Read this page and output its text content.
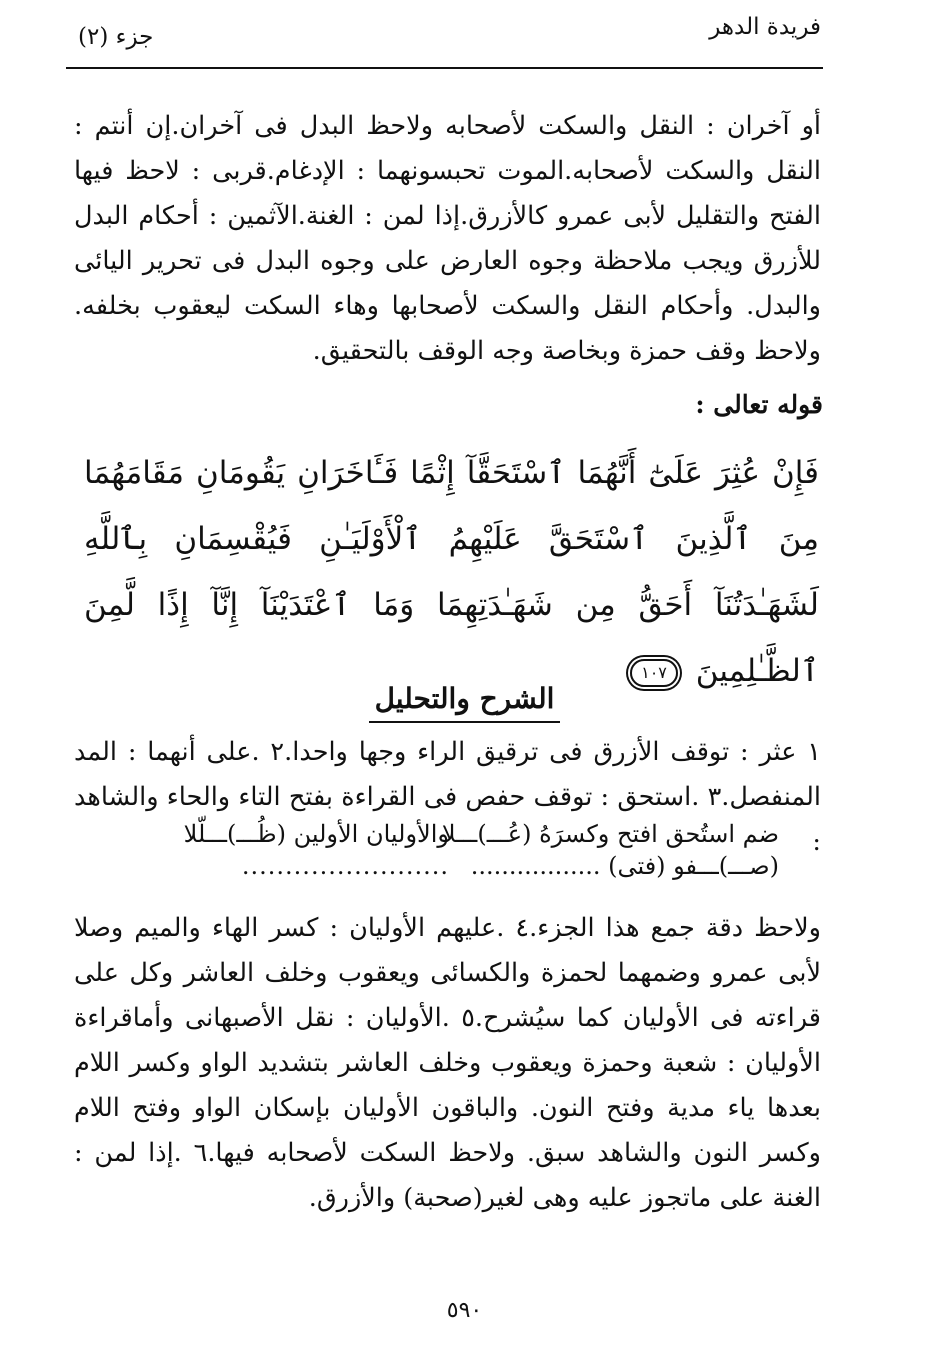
فريدة الدهر
جزء (٢)
أو آخران : النقل والسكت لأصحابه ولاحظ البدل فى آخران.إن أنتم : النقل والسكت لأصحابه.الموت تحبسونهما : الإدغام.قربى : لاحظ فيها الفتح والتقليل لأبى عمرو كالأزرق.إذا لمن : الغنة.الآثمين : أحكام البدل للأزرق ويجب ملاحظة وجوه العارض على وجوه البدل فى تحرير اليائى والبدل. وأحكام النقل والسكت لأصحابها وهاء السكت ليعقوب بخلفه. ولاحظ وقف حمزة وبخاصة وجه الوقف بالتحقيق.
قوله تعالى :
فَإِنْ عُثِرَ عَلَىٰٓ أَنَّهُمَا ٱسْتَحَقَّآ إِثْمًا فَـَٔاخَرَانِ يَقُومَانِ مَقَامَهُمَا مِنَ ٱلَّذِينَ ٱسْتَحَقَّ عَلَيْهِمُ ٱلْأَوْلَيَـٰنِ فَيُقْسِمَانِ بِٱللَّهِ لَشَهَـٰدَتُنَآ أَحَقُّ مِن شَهَـٰدَتِهِمَا وَمَا ٱعْتَدَيْنَآ إِنَّآ إِذًا لَّمِنَ ٱلظَّـٰلِمِينَ ١٠٧
الشرح والتحليل
١ عثر : توقف الأزرق فى ترقيق الراء وجها واحدا.٢ .على أنهما : المد المنفصل.٣ .استحق : توقف حفص فى القراءة بفتح التاء والحاء والشاهد :
ضم استُحق افتح وكسرَهُ (عُـــ)ـــلا
والأوليان الأولين (ظُـــ)ـــلّلا
(صـــ)ـــفو (فتى) .................
........................
ولاحظ دقة جمع هذا الجزء.٤ .عليهم الأوليان : كسر الهاء والميم وصلا لأبى عمرو وضمهما لحمزة والكسائى ويعقوب وخلف العاشر وكل على قراءته فى الأوليان كما سيُشرح.٥ .الأوليان : نقل الأصبهانى وأماقراءة الأوليان : شعبة وحمزة ويعقوب وخلف العاشر بتشديد الواو وكسر اللام بعدها ياء مدية وفتح النون. والباقون الأوليان بإسكان الواو وفتح اللام وكسر النون والشاهد سبق. ولاحظ السكت لأصحابه فيها.٦ .إذا لمن : الغنة على ماتجوز عليه وهى لغير(صحبة) والأزرق.
٥٩٠
